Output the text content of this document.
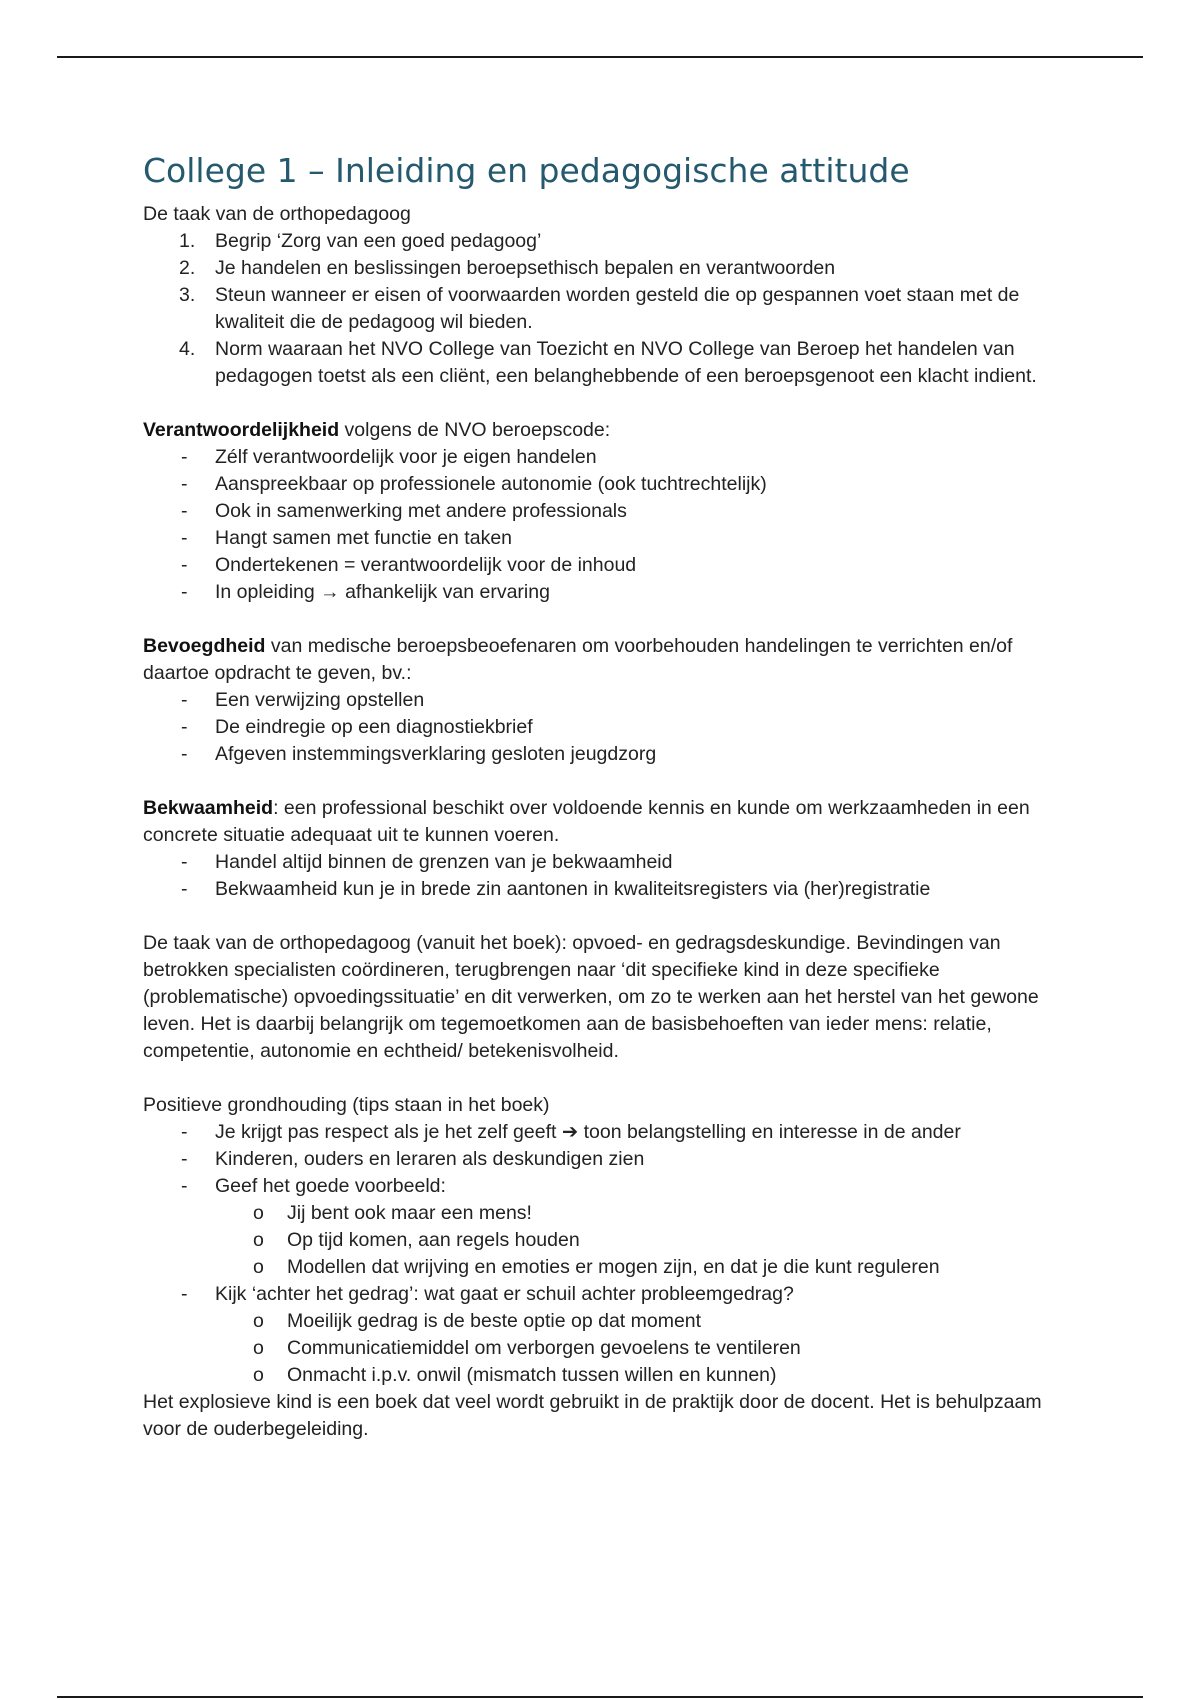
College 1 – Inleiding en pedagogische attitude

De taak van de orthopedagoog

1. Begrip ‘Zorg van een goed pedagoog’
2. Je handelen en beslissingen beroepsethisch bepalen en verantwoorden
3. Steun wanneer er eisen of voorwaarden worden gesteld die op gespannen voet staan met de kwaliteit die de pedagoog wil bieden.
4. Norm waaraan het NVO College van Toezicht en NVO College van Beroep het handelen van pedagogen toetst als een cliënt, een belanghebbende of een beroepsgenoot een klacht indient.

Verantwoordelijkheid volgens de NVO beroepscode:

- Zélf verantwoordelijk voor je eigen handelen
- Aanspreekbaar op professionele autonomie (ook tuchtrechtelijk)
- Ook in samenwerking met andere professionals
- Hangt samen met functie en taken
- Ondertekenen = verantwoordelijk voor de inhoud
- In opleiding → afhankelijk van ervaring

Bevoegdheid van medische beroepsbeoefenaren om voorbehouden handelingen te verrichten en/of daartoe opdracht te geven, bv.:

- Een verwijzing opstellen
- De eindregie op een diagnostiekbrief
- Afgeven instemmingsverklaring gesloten jeugdzorg

Bekwaamheid: een professional beschikt over voldoende kennis en kunde om werkzaamheden in een concrete situatie adequaat uit te kunnen voeren.

- Handel altijd binnen de grenzen van je bekwaamheid
- Bekwaamheid kun je in brede zin aantonen in kwaliteitsregisters via (her)registratie

De taak van de orthopedagoog (vanuit het boek): opvoed- en gedragsdeskundige. Bevindingen van betrokken specialisten coördineren, terugbrengen naar ‘dit specifieke kind in deze specifieke (problematische) opvoedingssituatie’ en dit verwerken, om zo te werken aan het herstel van het gewone leven. Het is daarbij belangrijk om tegemoetkomen aan de basisbehoeften van ieder mens: relatie, competentie, autonomie en echtheid/ betekenisvolheid.

Positieve grondhouding (tips staan in het boek)

- Je krijgt pas respect als je het zelf geeft ➔ toon belangstelling en interesse in de ander
- Kinderen, ouders en leraren als deskundigen zien
- Geef het goede voorbeeld:
o Jij bent ook maar een mens!
o Op tijd komen, aan regels houden
o Modellen dat wrijving en emoties er mogen zijn, en dat je die kunt reguleren
- Kijk ‘achter het gedrag’: wat gaat er schuil achter probleemgedrag?
o Moeilijk gedrag is de beste optie op dat moment
o Communicatiemiddel om verborgen gevoelens te ventileren
o Onmacht i.p.v. onwil (mismatch tussen willen en kunnen)

Het explosieve kind is een boek dat veel wordt gebruikt in de praktijk door de docent. Het is behulpzaam voor de ouderbegeleiding.
